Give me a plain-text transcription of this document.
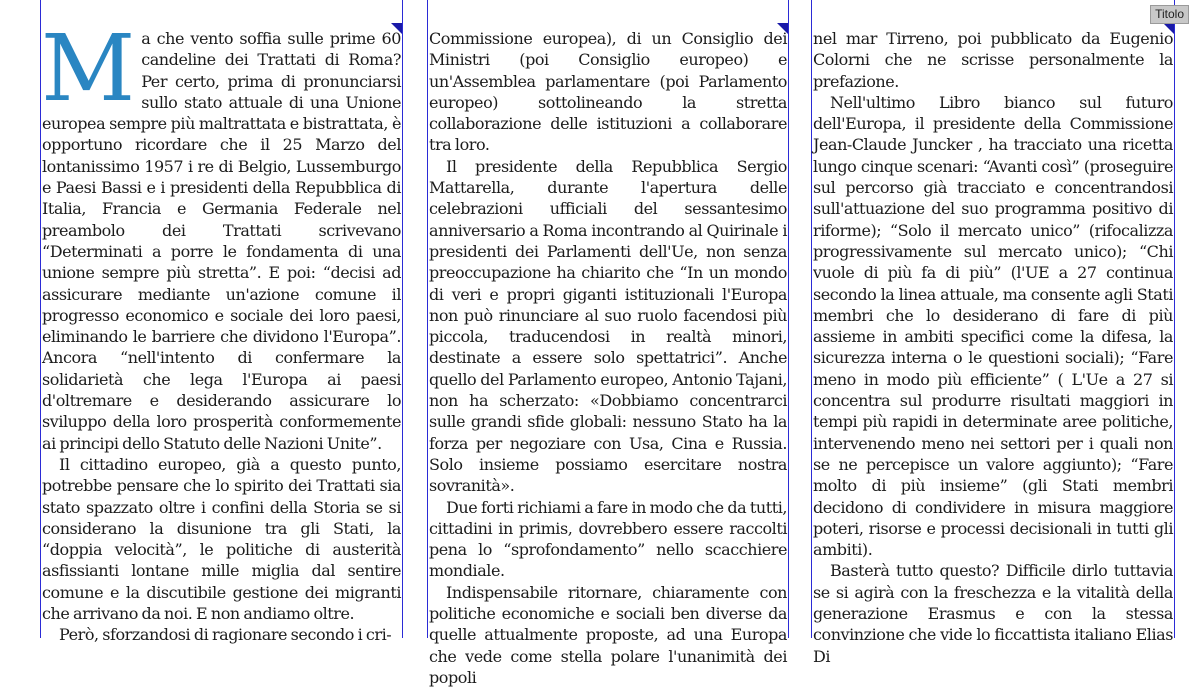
Titolo

Ma che vento soffia sulle prime 60 candeline dei Trattati di Roma? Per certo, prima di pronunciarsi sullo stato attuale di una Unione europea sempre più maltrattata e bistrattata, è opportuno ricordare che il 25 Marzo del lontanissimo 1957 i re di Belgio, Lussemburgo e Paesi Bassi e i presidenti della Repubblica di Italia, Francia e Germania Federale nel preambolo dei Trattati scrivevano “Determinati a porre le fondamenta di una unione sempre più stretta”. E poi: “decisi ad assicurare mediante un'azione comune il progresso economico e sociale dei loro paesi, eliminando le barriere che dividono l'Europa”. Ancora “nell'intento di confermare la solidarietà che lega l'Europa ai paesi d'oltremare e desiderando assicurare lo sviluppo della loro prosperità conformemente ai principi dello Statuto delle Nazioni Unite”.

Il cittadino europeo, già a questo punto, potrebbe pensare che lo spirito dei Trattati sia stato spazzato oltre i confini della Storia se si considerano la disunione tra gli Stati, la “doppia velocità”, le politiche di austerità asfissianti lontane mille miglia dal sentire comune e la discutibile gestione dei migranti che arrivano da noi. E non andiamo oltre.

Però, sforzandosi di ragionare secondo i cri-

Commissione europea), di un Consiglio dei Ministri (poi Consiglio europeo) e un'Assemblea parlamentare (poi Parlamento europeo) sottolineando la stretta collaborazione delle istituzioni a collaborare tra loro.

Il presidente della Repubblica Sergio Mattarella, durante l'apertura delle celebrazioni ufficiali del sessantesimo anniversario a Roma incontrando al Quirinale i presidenti dei Parlamenti dell'Ue, non senza preoccupazione ha chiarito che “In un mondo di veri e propri giganti istituzionali l'Europa non può rinunciare al suo ruolo facendosi più piccola, traducendosi in realtà minori, destinate a essere solo spettatrici”. Anche quello del Parlamento europeo, Antonio Tajani, non ha scherzato: «Dobbiamo concentrarci sulle grandi sfide globali: nessuno Stato ha la forza per negoziare con Usa, Cina e Russia. Solo insieme possiamo esercitare nostra sovranità».

Due forti richiami a fare in modo che da tutti, cittadini in primis, dovrebbero essere raccolti pena lo “sprofondamento” nello scacchiere mondiale.

Indispensabile ritornare, chiaramente con politiche economiche e sociali ben diverse da quelle attualmente proposte, ad una Europa che vede come stella polare l'unanimità dei popoli

nel mar Tirreno, poi pubblicato da Eugenio Colorni che ne scrisse personalmente la prefazione.

Nell'ultimo Libro bianco sul futuro dell'Europa, il presidente della Commissione Jean-Claude Juncker , ha tracciato una ricetta lungo cinque scenari: “Avanti così” (proseguire sul percorso già tracciato e concentrandosi sull'attuazione del suo programma positivo di riforme); “Solo il mercato unico” (rifocalizza progressivamente sul mercato unico); “Chi vuole di più fa di più” (l'UE a 27 continua secondo la linea attuale, ma consente agli Stati membri che lo desiderano di fare di più assieme in ambiti specifici come la difesa, la sicurezza interna o le questioni sociali); “Fare meno in modo più efficiente” ( L'Ue a 27 si concentra sul produrre risultati maggiori in tempi più rapidi in determinate aree politiche, intervenendo meno nei settori per i quali non se ne percepisce un valore aggiunto); “Fare molto di più insieme” (gli Stati membri decidono di condividere in misura maggiore poteri, risorse e processi decisionali in tutti gli ambiti).

Basterà tutto questo? Difficile dirlo tuttavia se si agirà con la freschezza e la vitalità della generazione Erasmus e con la stessa convinzione che vide lo ficcattista italiano Elias Di
